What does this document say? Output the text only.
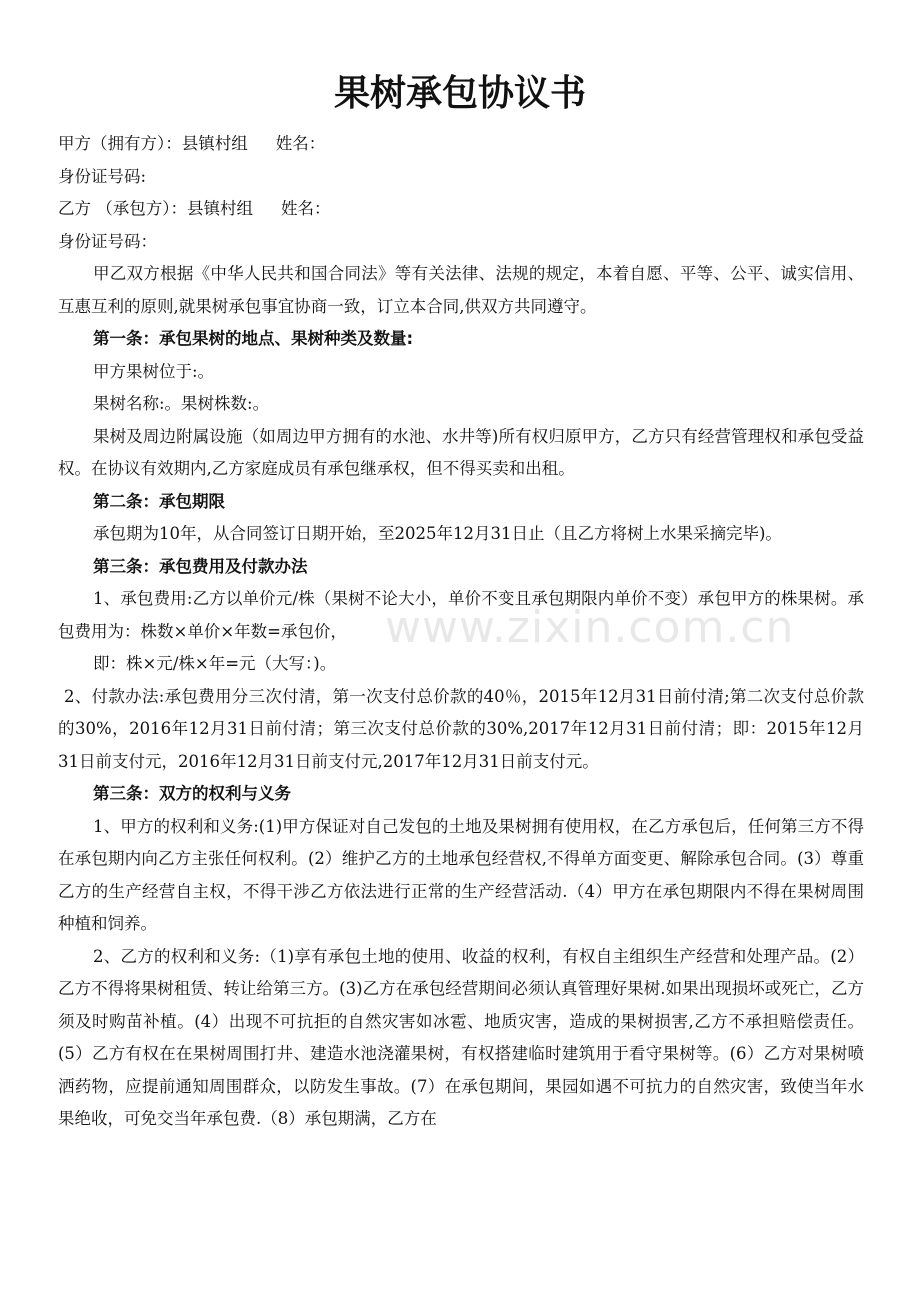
果树承包协议书
甲方（拥有方）：县镇村组 姓名：
身份证号码:
乙方 （承包方）：县镇村组 姓名：
身份证号码：
甲乙双方根据《中华人民共和国合同法》等有关法律、法规的规定，本着自愿、平等、公平、诚实信用、互惠互利的原则,就果树承包事宜协商一致，订立本合同,供双方共同遵守。
第一条：承包果树的地点、果树种类及数量:
甲方果树位于:。
果树名称:。果树株数:。
果树及周边附属设施（如周边甲方拥有的水池、水井等)所有权归原甲方，乙方只有经营管理权和承包受益权。在协议有效期内,乙方家庭成员有承包继承权，但不得买卖和出租。
第二条：承包期限
承包期为10年，从合同签订日期开始，至2025年12月31日止（且乙方将树上水果采摘完毕)。
第三条：承包费用及付款办法
1、承包费用:乙方以单价元/株（果树不论大小，单价不变且承包期限内单价不变）承包甲方的株果树。承包费用为：株数×单价×年数=承包价，
即：株×元/株×年=元（大写：)。
2、付款办法:承包费用分三次付清，第一次支付总价款的40％，2015年12月31日前付清;第二次支付总价款的30%，2016年12月31日前付清；第三次支付总价款的30%,2017年12月31日前付清；即：2015年12月31日前支付元，2016年12月31日前支付元,2017年12月31日前支付元。
第三条：双方的权利与义务
1、甲方的权利和义务:(1)甲方保证对自己发包的土地及果树拥有使用权，在乙方承包后，任何第三方不得在承包期内向乙方主张任何权利。(2）维护乙方的土地承包经营权,不得单方面变更、解除承包合同。(3）尊重乙方的生产经营自主权，不得干涉乙方依法进行正常的生产经营活动.（4）甲方在承包期限内不得在果树周围种植和饲养。
2、乙方的权利和义务:（1)享有承包土地的使用、收益的权利，有权自主组织生产经营和处理产品。(2）乙方不得将果树租赁、转让给第三方。(3)乙方在承包经营期间必须认真管理好果树.如果出现损坏或死亡，乙方须及时购苗补植。(4）出现不可抗拒的自然灾害如冰雹、地质灾害，造成的果树损害,乙方不承担赔偿责任。(5）乙方有权在在果树周围打井、建造水池浇灌果树，有权搭建临时建筑用于看守果树等。(6）乙方对果树喷洒药物，应提前通知周围群众，以防发生事故。(7）在承包期间，果园如遇不可抗力的自然灾害，致使当年水果绝收，可免交当年承包费.（8）承包期满，乙方在
www.zixin.com.cn
